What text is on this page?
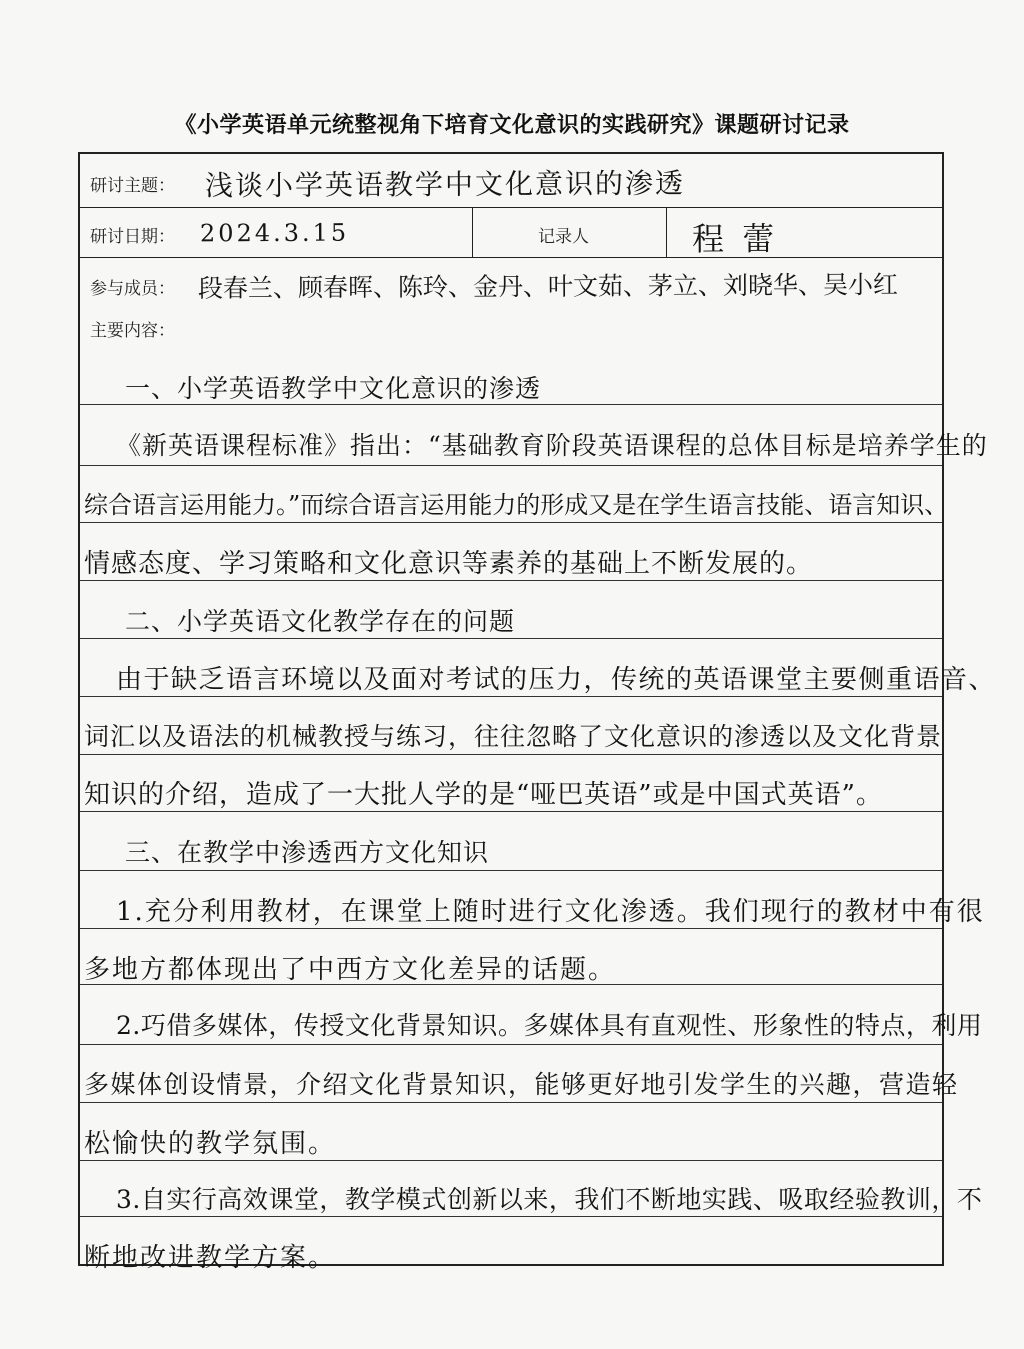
《小学英语单元统整视角下培育文化意识的实践研究》课题研讨记录
研讨主题： 浅谈小学英语教学中文化意识的渗透
研讨日期： 2024.3.15	记录人	程 蕾
参与成员： 段春兰、顾春晖、陈玲、金丹、叶文茹、茅立、刘晓华、吴小红
主要内容：
一、小学英语教学中文化意识的渗透
《新英语课程标准》指出：“基础教育阶段英语课程的总体目标是培养学生的
综合语言运用能力。”而综合语言运用能力的形成又是在学生语言技能、语言知识、
情感态度、学习策略和文化意识等素养的基础上不断发展的。
二、小学英语文化教学存在的问题
由于缺乏语言环境以及面对考试的压力，传统的英语课堂主要侧重语音、
词汇以及语法的机械教授与练习，往往忽略了文化意识的渗透以及文化背景
知识的介绍，造成了一大批人学的是“哑巴英语”或是中国式英语”。
三、在教学中渗透西方文化知识
1.充分利用教材，在课堂上随时进行文化渗透。我们现行的教材中有很
多地方都体现出了中西方文化差异的话题。
2.巧借多媒体，传授文化背景知识。多媒体具有直观性、形象性的特点，利用
多媒体创设情景，介绍文化背景知识，能够更好地引发学生的兴趣，营造轻
松愉快的教学氛围。
3.自实行高效课堂，教学模式创新以来，我们不断地实践、吸取经验教训，不
断地改进教学方案。
